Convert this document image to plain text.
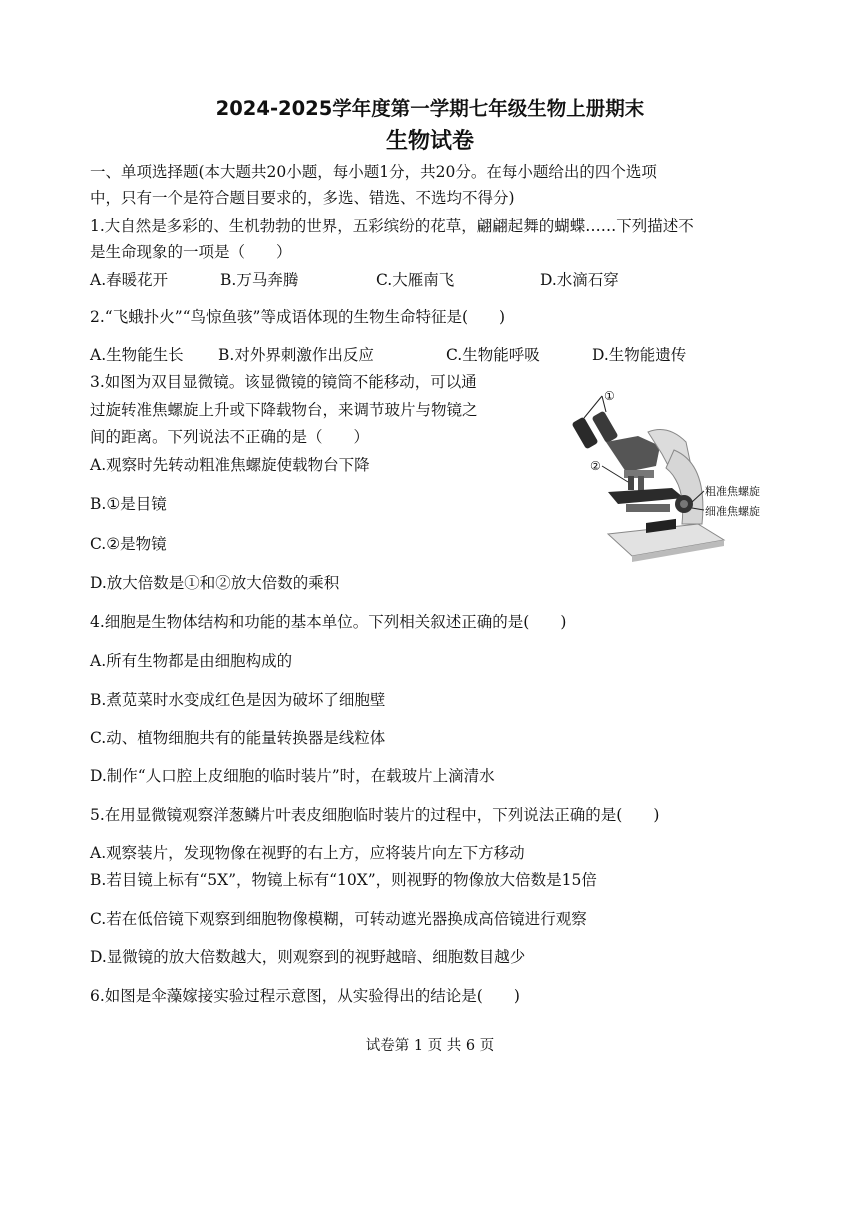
2024-2025学年度第一学期七年级生物上册期末
生物试卷
一、单项选择题(本大题共20小题，每小题1分，共20分。在每小题给出的四个选项
中，只有一个是符合题目要求的，多选、错选、不选均不得分)
1.大自然是多彩的、生机勃勃的世界，五彩缤纷的花草，翩翩起舞的蝴蝶……下列描述不
是生命现象的一项是（　　）
A.春暖花开	B.万马奔腾	C.大雁南飞	D.水滴石穿
2.“飞蛾扑火”“鸟惊鱼骇”等成语体现的生物生命特征是(　　)
A.生物能生长 B.对外界刺激作出反应	C.生物能呼吸	D.生物能遗传
3.如图为双目显微镜。该显微镜的镜筒不能移动，可以通
过旋转准焦螺旋上升或下降载物台，来调节玻片与物镜之
间的距离。下列说法不正确的是（　　）
A.观察时先转动粗准焦螺旋使载物台下降
B.①是目镜
C.②是物镜
D.放大倍数是①和②放大倍数的乘积
①
②
粗准焦螺旋
细准焦螺旋
4.细胞是生物体结构和功能的基本单位。下列相关叙述正确的是(　　)
A.所有生物都是由细胞构成的
B.煮苋菜时水变成红色是因为破坏了细胞壁
C.动、植物细胞共有的能量转换器是线粒体
D.制作“人口腔上皮细胞的临时装片”时，在载玻片上滴清水
5.在用显微镜观察洋葱鳞片叶表皮细胞临时装片的过程中，下列说法正确的是(　　)
A.观察装片，发现物像在视野的右上方，应将装片向左下方移动
B.若目镜上标有“5X”，物镜上标有“10X”，则视野的物像放大倍数是15倍
C.若在低倍镜下观察到细胞物像模糊，可转动遮光器换成高倍镜进行观察
D.显微镜的放大倍数越大，则观察到的视野越暗、细胞数目越少
6.如图是伞藻嫁接实验过程示意图，从实验得出的结论是(　　)
试卷第 1 页 共 6 页
